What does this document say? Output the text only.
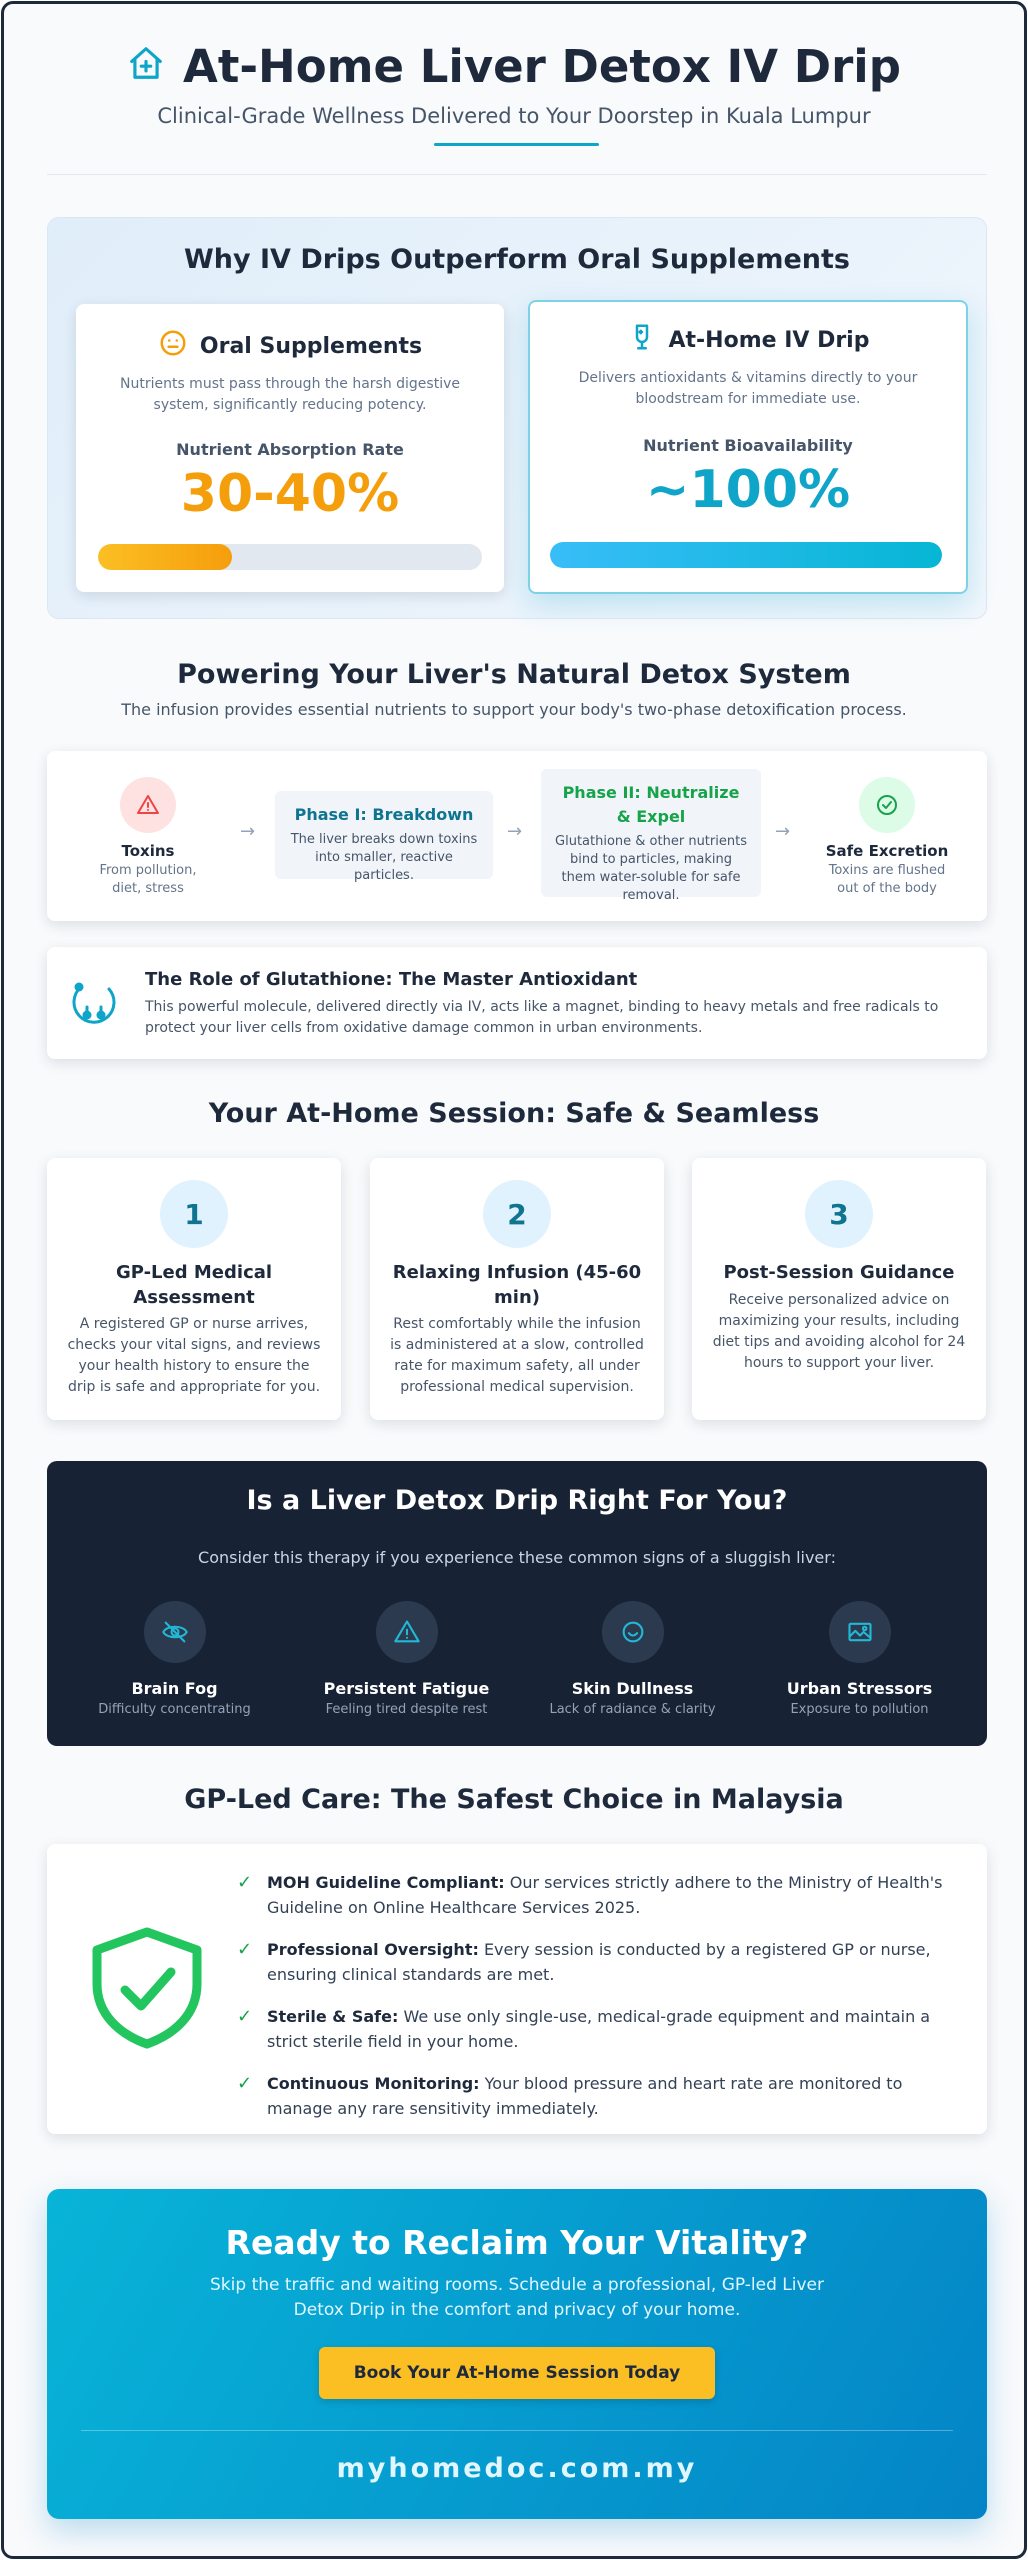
At-Home Liver Detox IV Drip
Clinical-Grade Wellness Delivered to Your Doorstep in Kuala Lumpur
Why IV Drips Outperform Oral Supplements
Oral Supplements
Nutrients must pass through the harsh digestive system, significantly reducing potency.
Nutrient Absorption Rate
30-40%
At-Home IV Drip
Delivers antioxidants & vitamins directly to your bloodstream for immediate use.
Nutrient Bioavailability
~100%
Powering Your Liver's Natural Detox System
The infusion provides essential nutrients to support your body's two-phase detoxification process.
Toxins
From pollution, diet, stress
→
Phase I: Breakdown
The liver breaks down toxins into smaller, reactive particles.
→
Phase II: Neutralize & Expel
Glutathione & other nutrients bind to particles, making them water-soluble for safe removal.
→
Safe Excretion
Toxins are flushed out of the body
The Role of Glutathione: The Master Antioxidant
This powerful molecule, delivered directly via IV, acts like a magnet, binding to heavy metals and free radicals to protect your liver cells from oxidative damage common in urban environments.
Your At-Home Session: Safe & Seamless
1
GP-Led Medical Assessment
A registered GP or nurse arrives, checks your vital signs, and reviews your health history to ensure the drip is safe and appropriate for you.
2
Relaxing Infusion (45-60 min)
Rest comfortably while the infusion is administered at a slow, controlled rate for maximum safety, all under professional medical supervision.
3
Post-Session Guidance
Receive personalized advice on maximizing your results, including diet tips and avoiding alcohol for 24 hours to support your liver.
Is a Liver Detox Drip Right For You?
Consider this therapy if you experience these common signs of a sluggish liver:
Brain Fog
Difficulty concentrating
Persistent Fatigue
Feeling tired despite rest
Skin Dullness
Lack of radiance & clarity
Urban Stressors
Exposure to pollution
GP-Led Care: The Safest Choice in Malaysia
✓ MOH Guideline Compliant: Our services strictly adhere to the Ministry of Health's Guideline on Online Healthcare Services 2025.
✓ Professional Oversight: Every session is conducted by a registered GP or nurse, ensuring clinical standards are met.
✓ Sterile & Safe: We use only single-use, medical-grade equipment and maintain a strict sterile field in your home.
✓ Continuous Monitoring: Your blood pressure and heart rate are monitored to manage any rare sensitivity immediately.
Ready to Reclaim Your Vitality?
Skip the traffic and waiting rooms. Schedule a professional, GP-led Liver Detox Drip in the comfort and privacy of your home.
Book Your At-Home Session Today
myhomedoc.com.my
